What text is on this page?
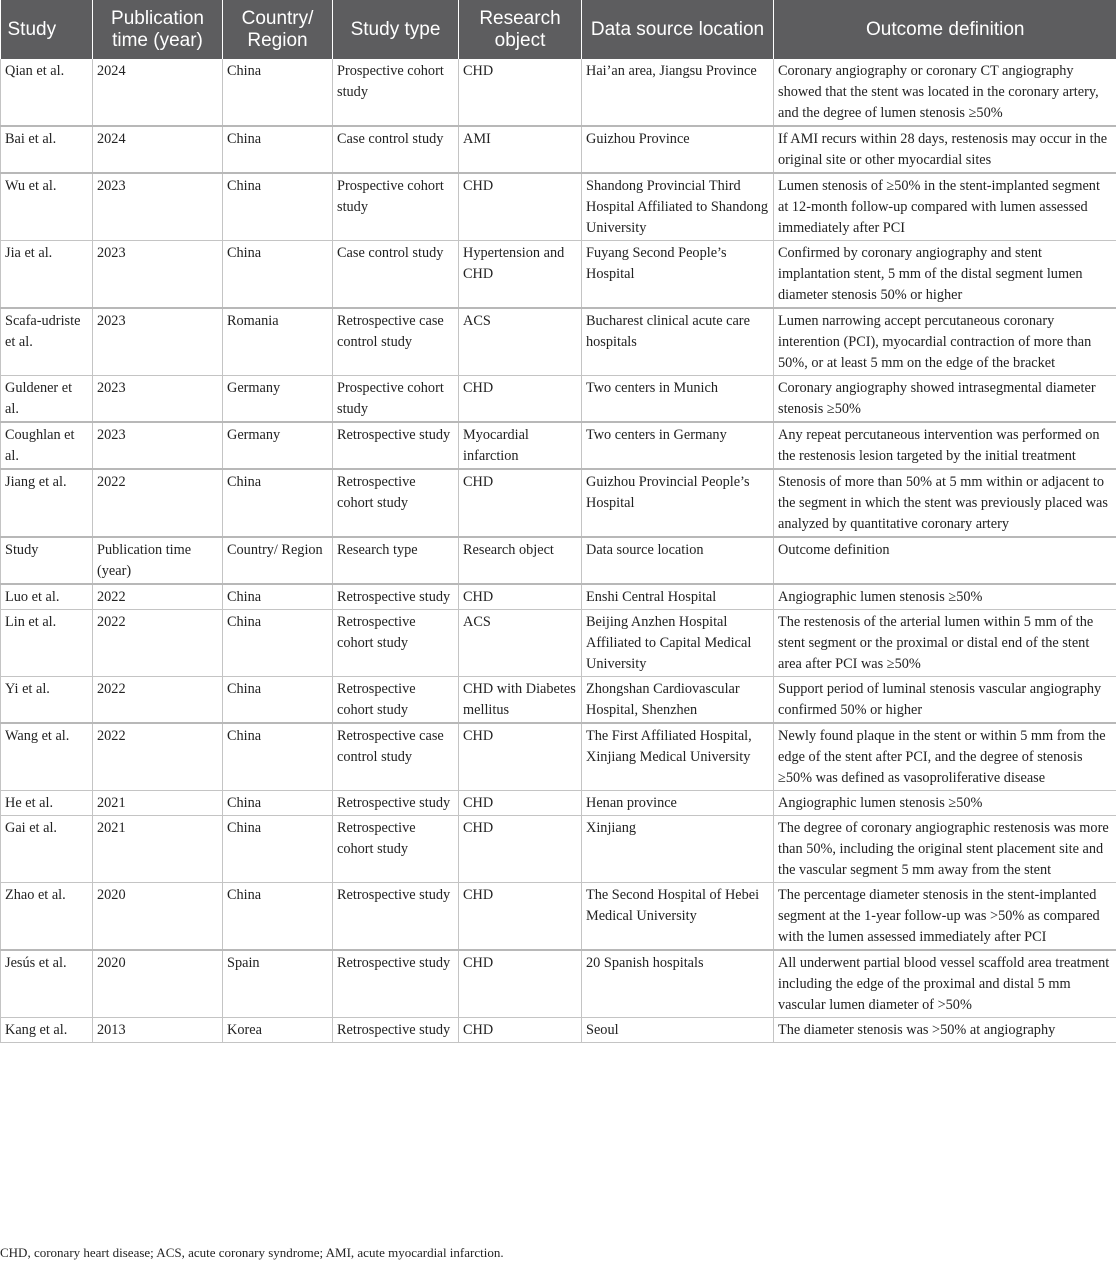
Study	Publication time (year)	Country/ Region	Study type	Research object	Data source location	Outcome definition
Qian et al.	2024	China	Prospective cohort study	CHD	Hai’an area, Jiangsu Province	Coronary angiography or coronary CT angiography showed that the stent was located in the coronary artery, and the degree of lumen stenosis ≥50%
Bai et al.	2024	China	Case control study	AMI	Guizhou Province	If AMI recurs within 28 days, restenosis may occur in the original site or other myocardial sites
Wu et al.	2023	China	Prospective cohort study	CHD	Shandong Provincial Third Hospital Affiliated to Shandong University	Lumen stenosis of ≥50% in the stent-implanted segment at 12-month follow-up compared with lumen assessed immediately after PCI
Jia et al.	2023	China	Case control study	Hypertension and CHD	Fuyang Second People’s Hospital	Confirmed by coronary angiography and stent implantation stent, 5 mm of the distal segment lumen diameter stenosis 50% or higher
Scafa-udriste et al.	2023	Romania	Retrospective case control study	ACS	Bucharest clinical acute care hospitals	Lumen narrowing accept percutaneous coronary interention (PCI), myocardial contraction of more than 50%, or at least 5 mm on the edge of the bracket
Guldener et al.	2023	Germany	Prospective cohort study	CHD	Two centers in Munich	Coronary angiography showed intrasegmental diameter stenosis ≥50%
Coughlan et al.	2023	Germany	Retrospective study	Myocardial infarction	Two centers in Germany	Any repeat percutaneous intervention was performed on the restenosis lesion targeted by the initial treatment
Jiang et al.	2022	China	Retrospective cohort study	CHD	Guizhou Provincial People’s Hospital	Stenosis of more than 50% at 5 mm within or adjacent to the segment in which the stent was previously placed was analyzed by quantitative coronary artery
Study	Publication time (year)	Country/ Region	Research type	Research object	Data source location	Outcome definition
Luo et al.	2022	China	Retrospective study	CHD	Enshi Central Hospital	Angiographic lumen stenosis ≥50%
Lin et al.	2022	China	Retrospective cohort study	ACS	Beijing Anzhen Hospital Affiliated to Capital Medical University	The restenosis of the arterial lumen within 5 mm of the stent segment or the proximal or distal end of the stent area after PCI was ≥50%
Yi et al.	2022	China	Retrospective cohort study	CHD with Diabetes mellitus	Zhongshan Cardiovascular Hospital, Shenzhen	Support period of luminal stenosis vascular angiography confirmed 50% or higher
Wang et al.	2022	China	Retrospective case control study	CHD	The First Affiliated Hospital, Xinjiang Medical University	Newly found plaque in the stent or within 5 mm from the edge of the stent after PCI, and the degree of stenosis ≥50% was defined as vasoproliferative disease
He et al.	2021	China	Retrospective study	CHD	Henan province	Angiographic lumen stenosis ≥50%
Gai et al.	2021	China	Retrospective cohort study	CHD	Xinjiang	The degree of coronary angiographic restenosis was more than 50%, including the original stent placement site and the vascular segment 5 mm away from the stent
Zhao et al.	2020	China	Retrospective study	CHD	The Second Hospital of Hebei Medical University	The percentage diameter stenosis in the stent-implanted segment at the 1-year follow-up was >50% as compared with the lumen assessed immediately after PCI
Jesús et al.	2020	Spain	Retrospective study	CHD	20 Spanish hospitals	All underwent partial blood vessel scaffold area treatment including the edge of the proximal and distal 5 mm vascular lumen diameter of >50%
Kang et al.	2013	Korea	Retrospective study	CHD	Seoul	The diameter stenosis was >50% at angiography
CHD, coronary heart disease; ACS, acute coronary syndrome; AMI, acute myocardial infarction.
